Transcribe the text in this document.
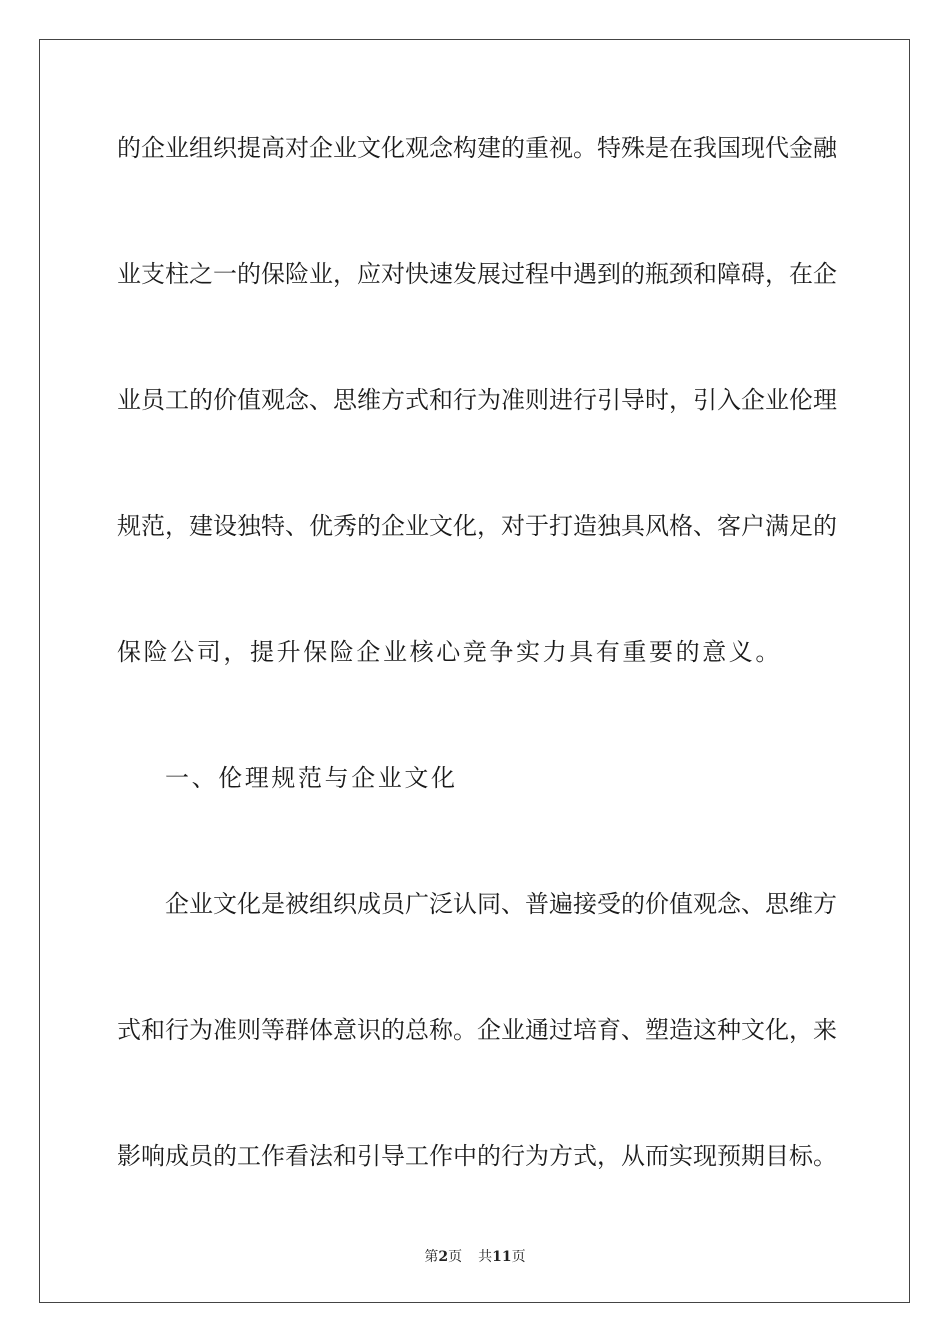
的企业组织提高对企业文化观念构建的重视。特殊是在我国现代金融
业支柱之一的保险业，应对快速发展过程中遇到的瓶颈和障碍，在企
业员工的价值观念、思维方式和行为准则进行引导时，引入企业伦理
规范，建设独特、优秀的企业文化，对于打造独具风格、客户满足的
保险公司，提升保险企业核心竞争实力具有重要的意义。
一、伦理规范与企业文化
企业文化是被组织成员广泛认同、普遍接受的价值观念、思维方
式和行为准则等群体意识的总称。企业通过培育、塑造这种文化，来
影响成员的工作看法和引导工作中的行为方式，从而实现预期目标。
第2页 共11页
